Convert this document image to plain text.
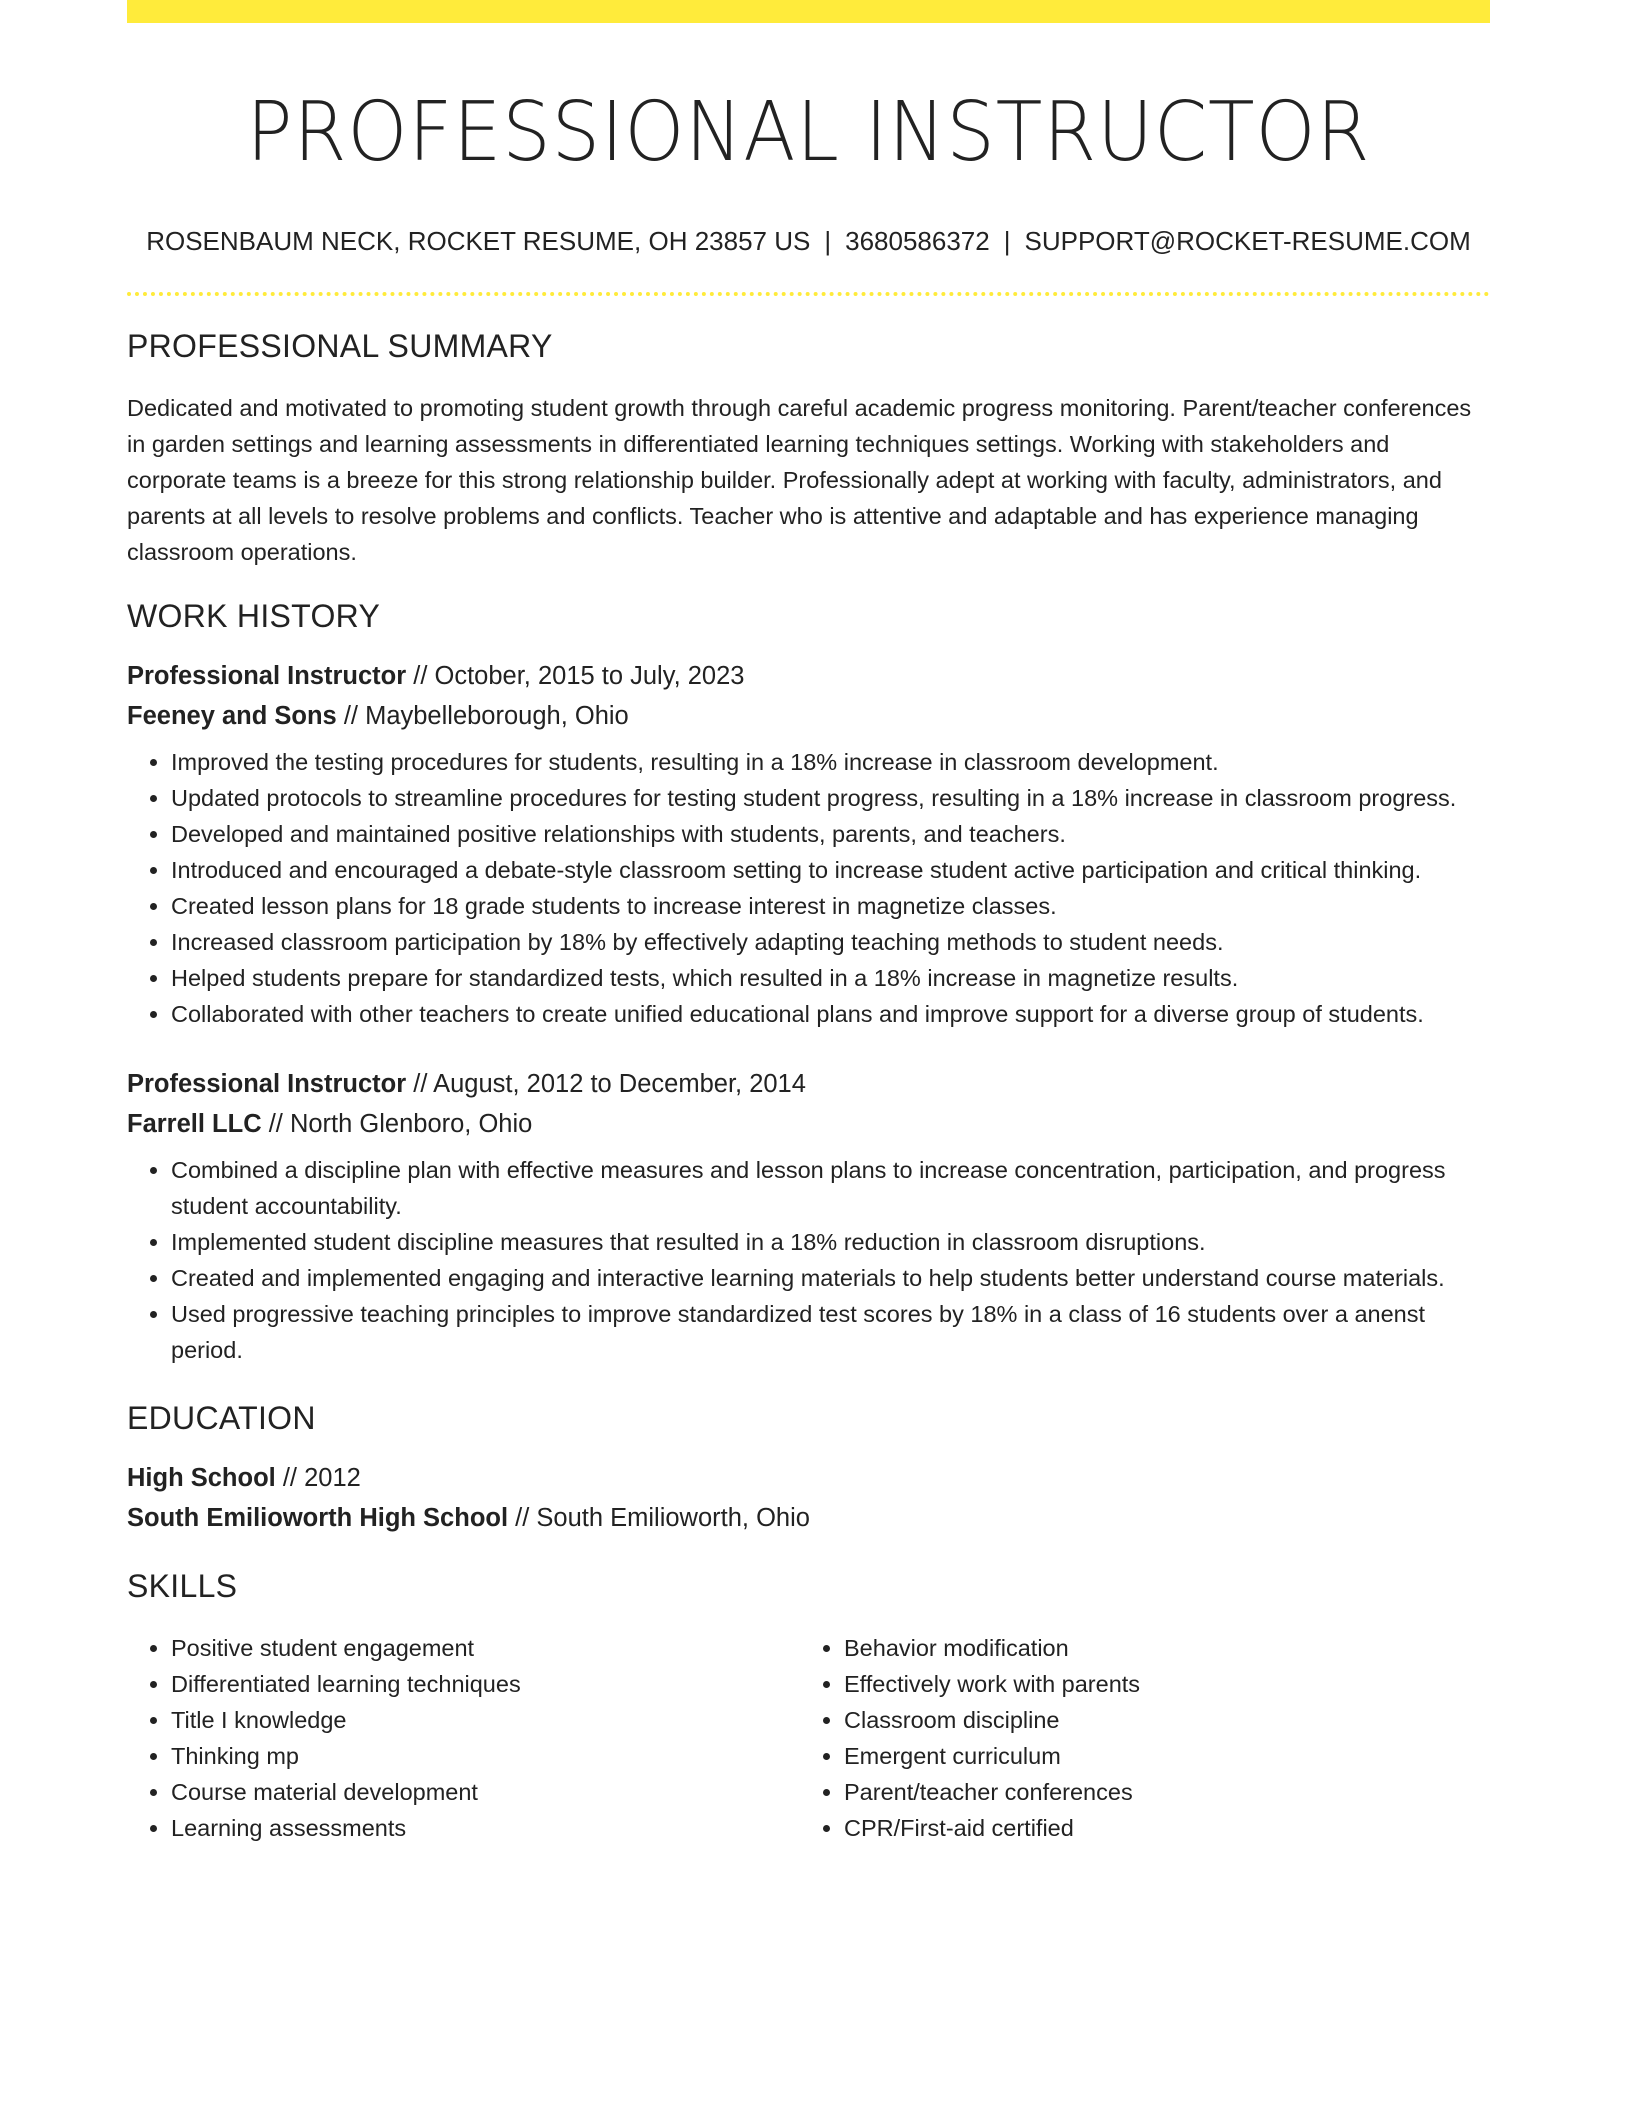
PROFESSIONAL INSTRUCTOR
ROSENBAUM NECK, ROCKET RESUME, OH 23857 US | 3680586372 | SUPPORT@ROCKET-RESUME.COM
PROFESSIONAL SUMMARY
Dedicated and motivated to promoting student growth through careful academic progress monitoring. Parent/teacher conferences in garden settings and learning assessments in differentiated learning techniques settings. Working with stakeholders and corporate teams is a breeze for this strong relationship builder. Professionally adept at working with faculty, administrators, and parents at all levels to resolve problems and conflicts. Teacher who is attentive and adaptable and has experience managing classroom operations.
WORK HISTORY
Professional Instructor // October, 2015 to July, 2023
Feeney and Sons // Maybelleborough, Ohio
• Improved the testing procedures for students, resulting in a 18% increase in classroom development.
• Updated protocols to streamline procedures for testing student progress, resulting in a 18% increase in classroom progress.
• Developed and maintained positive relationships with students, parents, and teachers.
• Introduced and encouraged a debate-style classroom setting to increase student active participation and critical thinking.
• Created lesson plans for 18 grade students to increase interest in magnetize classes.
• Increased classroom participation by 18% by effectively adapting teaching methods to student needs.
• Helped students prepare for standardized tests, which resulted in a 18% increase in magnetize results.
• Collaborated with other teachers to create unified educational plans and improve support for a diverse group of students.
Professional Instructor // August, 2012 to December, 2014
Farrell LLC // North Glenboro, Ohio
• Combined a discipline plan with effective measures and lesson plans to increase concentration, participation, and progress student accountability.
• Implemented student discipline measures that resulted in a 18% reduction in classroom disruptions.
• Created and implemented engaging and interactive learning materials to help students better understand course materials.
• Used progressive teaching principles to improve standardized test scores by 18% in a class of 16 students over a anenst period.
EDUCATION
High School // 2012
South Emilioworth High School // South Emilioworth, Ohio
SKILLS
• Positive student engagement
• Differentiated learning techniques
• Title I knowledge
• Thinking mp
• Course material development
• Learning assessments
• Behavior modification
• Effectively work with parents
• Classroom discipline
• Emergent curriculum
• Parent/teacher conferences
• CPR/First-aid certified
